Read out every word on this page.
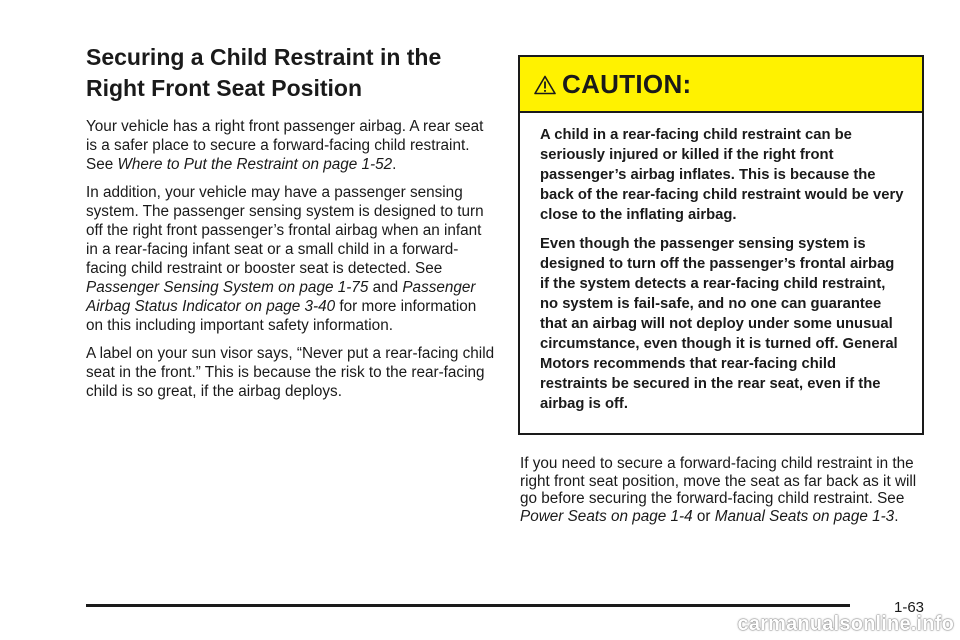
Securing a Child Restraint in the
Right Front Seat Position

Your vehicle has a right front passenger airbag. A rear seat is a safer place to secure a forward-facing child restraint. See Where to Put the Restraint on page 1-52.

In addition, your vehicle may have a passenger sensing system. The passenger sensing system is designed to turn off the right front passenger’s frontal airbag when an infant in a rear-facing infant seat or a small child in a forward-facing child restraint or booster seat is detected. See Passenger Sensing System on page 1-75 and Passenger Airbag Status Indicator on page 3-40 for more information on this including important safety information.

A label on your sun visor says, “Never put a rear-facing child seat in the front.” This is because the risk to the rear-facing child is so great, if the airbag deploys.

CAUTION:

A child in a rear-facing child restraint can be seriously injured or killed if the right front passenger’s airbag inflates. This is because the back of the rear-facing child restraint would be very close to the inflating airbag.

Even though the passenger sensing system is designed to turn off the passenger’s frontal airbag if the system detects a rear-facing child restraint, no system is fail-safe, and no one can guarantee that an airbag will not deploy under some unusual circumstance, even though it is turned off. General Motors recommends that rear-facing child restraints be secured in the rear seat, even if the airbag is off.

If you need to secure a forward-facing child restraint in the right front seat position, move the seat as far back as it will go before securing the forward-facing child restraint. See Power Seats on page 1-4 or Manual Seats on page 1-3.

1-63
carmanualsonline.info
